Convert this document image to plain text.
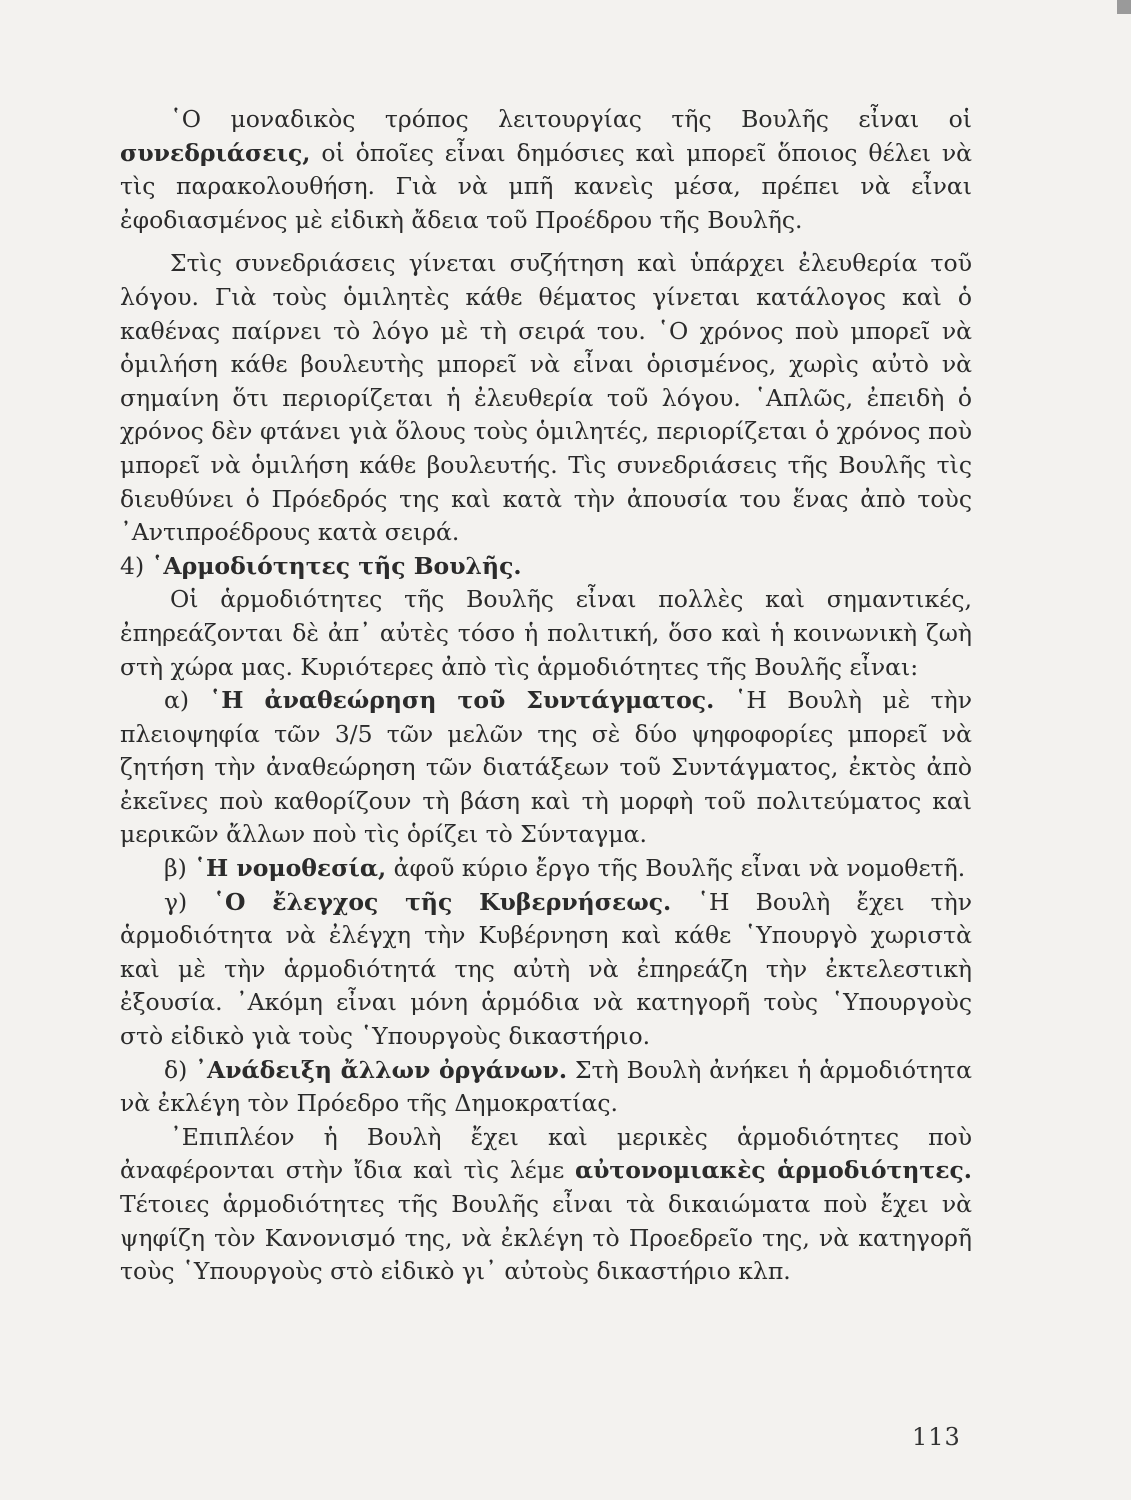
῾Ο μοναδικὸς τρόπος λειτουργίας τῆς Βουλῆς εἶναι οἱ συνεδριάσεις, οἱ ὁποῖες εἶναι δημόσιες καὶ μπορεῖ ὅποιος θέλει νὰ τὶς παρακολουθήση. Γιὰ νὰ μπῆ κανεὶς μέσα, πρέπει νὰ εἶναι ἐφοδιασμένος μὲ εἰδικὴ ἄδεια τοῦ Προέδρου τῆς Βουλῆς.

Στὶς συνεδριάσεις γίνεται συζήτηση καὶ ὑπάρχει ἐλευθερία τοῦ λόγου. Γιὰ τοὺς ὁμιλητὲς κάθε θέματος γίνεται κατάλογος καὶ ὁ καθένας παίρνει τὸ λόγο μὲ τὴ σειρά του. ῾Ο χρόνος ποὺ μπορεῖ νὰ ὁμιλήση κάθε βουλευτὴς μπορεῖ νὰ εἶναι ὁρισμένος, χωρὶς αὐτὸ νὰ σημαίνη ὅτι περιορίζεται ἡ ἐλευθερία τοῦ λόγου. ῾Απλῶς, ἐπειδὴ ὁ χρόνος δὲν φτάνει γιὰ ὅλους τοὺς ὁμιλητές, περιορίζεται ὁ χρόνος ποὺ μπορεῖ νὰ ὁμιλήση κάθε βουλευτής. Τὶς συνεδριάσεις τῆς Βουλῆς τὶς διευθύνει ὁ Πρόεδρός της καὶ κατὰ τὴν ἀπουσία του ἕνας ἀπὸ τοὺς ᾿Αντιπροέδρους κατὰ σειρά.

4) ῾Αρμοδιότητες τῆς Βουλῆς.

Οἱ ἁρμοδιότητες τῆς Βουλῆς εἶναι πολλὲς καὶ σημαντικές, ἐπηρεάζονται δὲ ἀπ᾿ αὐτὲς τόσο ἡ πολιτική, ὅσο καὶ ἡ κοινωνικὴ ζωὴ στὴ χώρα μας. Κυριότερες ἀπὸ τὶς ἁρμοδιότητες τῆς Βουλῆς εἶναι:

α) ῾Η ἀναθεώρηση τοῦ Συντάγματος. ῾Η Βουλὴ μὲ τὴν πλειοψηφία τῶν 3/5 τῶν μελῶν της σὲ δύο ψηφοφορίες μπορεῖ νὰ ζητήση τὴν ἀναθεώρηση τῶν διατάξεων τοῦ Συντάγματος, ἐκτὸς ἀπὸ ἐκεῖνες ποὺ καθορίζουν τὴ βάση καὶ τὴ μορφὴ τοῦ πολιτεύματος καὶ μερικῶν ἄλλων ποὺ τὶς ὁρίζει τὸ Σύνταγμα.

β) ῾Η νομοθεσία, ἀφοῦ κύριο ἔργο τῆς Βουλῆς εἶναι νὰ νομοθετῆ.

γ) ῾Ο ἔλεγχος τῆς Κυβερνήσεως. ῾Η Βουλὴ ἔχει τὴν ἁρμοδιότητα νὰ ἐλέγχη τὴν Κυβέρνηση καὶ κάθε ῾Υπουργὸ χωριστὰ καὶ μὲ τὴν ἁρμοδιότητά της αὐτὴ νὰ ἐπηρεάζη τὴν ἐκτελεστικὴ ἐξουσία. ᾿Ακόμη εἶναι μόνη ἁρμόδια νὰ κατηγορῆ τοὺς ῾Υπουργοὺς στὸ εἰδικὸ γιὰ τοὺς ῾Υπουργοὺς δικαστήριο.

δ) ᾿Ανάδειξη ἄλλων ὀργάνων. Στὴ Βουλὴ ἀνήκει ἡ ἁρμοδιότητα νὰ ἐκλέγη τὸν Πρόεδρο τῆς Δημοκρατίας.

᾿Επιπλέον ἡ Βουλὴ ἔχει καὶ μερικὲς ἁρμοδιότητες ποὺ ἀναφέρονται στὴν ἴδια καὶ τὶς λέμε αὐτονομιακὲς ἁρμοδιότητες. Τέτοιες ἁρμοδιότητες τῆς Βουλῆς εἶναι τὰ δικαιώματα ποὺ ἔχει νὰ ψηφίζη τὸν Κανονισμό της, νὰ ἐκλέγη τὸ Προεδρεῖο της, νὰ κατηγορῆ τοὺς ῾Υπουργοὺς στὸ εἰδικὸ γι᾿ αὐτοὺς δικαστήριο κλπ.

113
